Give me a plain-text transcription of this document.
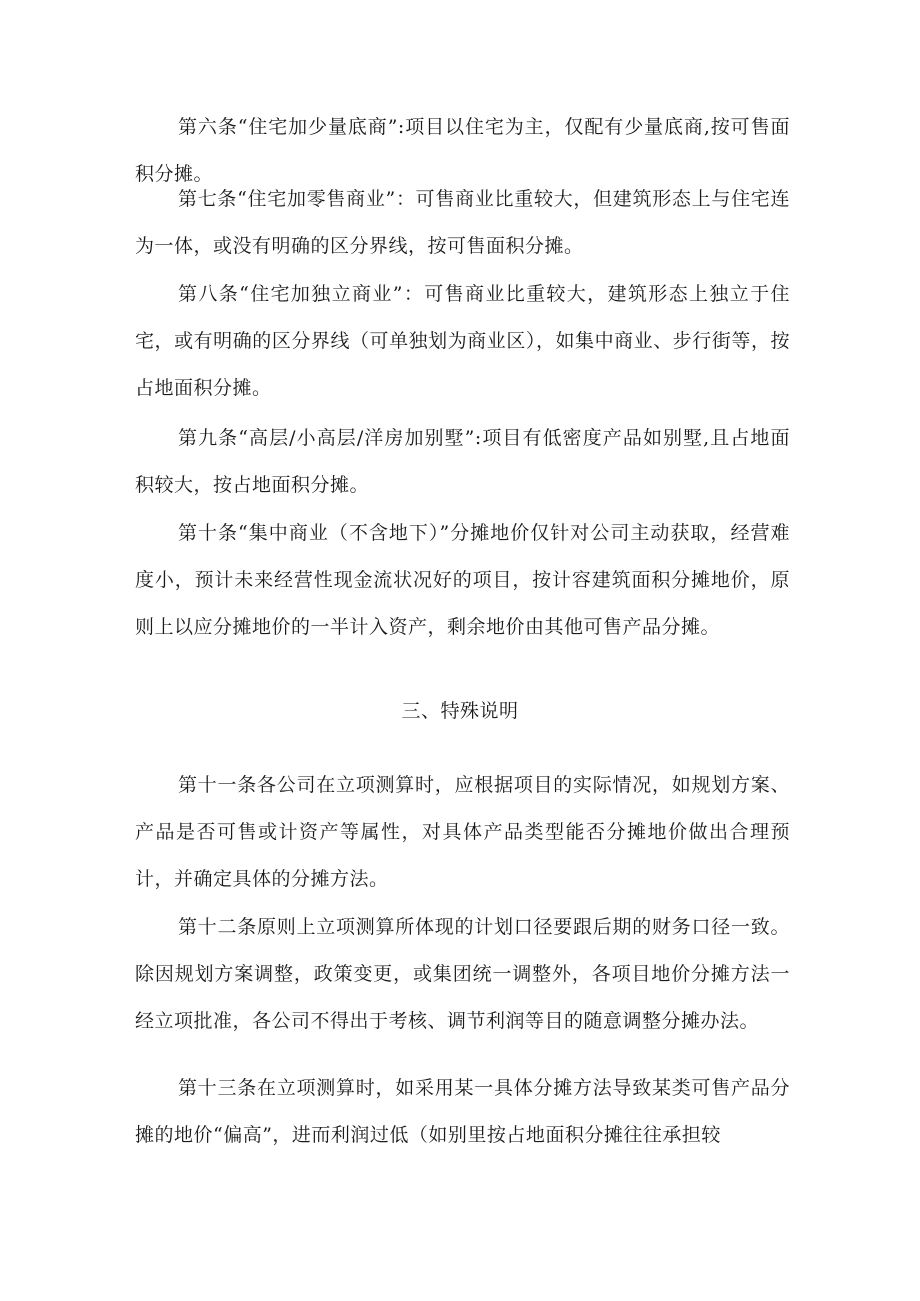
第六条“住宅加少量底商”:项目以住宅为主，仅配有少量底商,按可售面积分摊。

第七条“住宅加零售商业”：可售商业比重较大，但建筑形态上与住宅连为一体，或没有明确的区分界线，按可售面积分摊。

第八条“住宅加独立商业”：可售商业比重较大，建筑形态上独立于住宅，或有明确的区分界线（可单独划为商业区），如集中商业、步行街等，按占地面积分摊。

第九条“高层/小高层/洋房加别墅”:项目有低密度产品如别墅,且占地面积较大，按占地面积分摊。

第十条“集中商业（不含地下）”分摊地价仅针对公司主动获取，经营难度小，预计未来经营性现金流状况好的项目，按计容建筑面积分摊地价，原则上以应分摊地价的一半计入资产，剩余地价由其他可售产品分摊。

三、特殊说明

第十一条各公司在立项测算时，应根据项目的实际情况，如规划方案、产品是否可售或计资产等属性，对具体产品类型能否分摊地价做出合理预计，并确定具体的分摊方法。

第十二条原则上立项测算所体现的计划口径要跟后期的财务口径一致。除因规划方案调整，政策变更，或集团统一调整外，各项目地价分摊方法一经立项批准，各公司不得出于考核、调节利润等目的随意调整分摊办法。

第十三条在立项测算时，如采用某一具体分摊方法导致某类可售产品分摊的地价“偏高”，进而利润过低（如别里按占地面积分摊往往承担较
